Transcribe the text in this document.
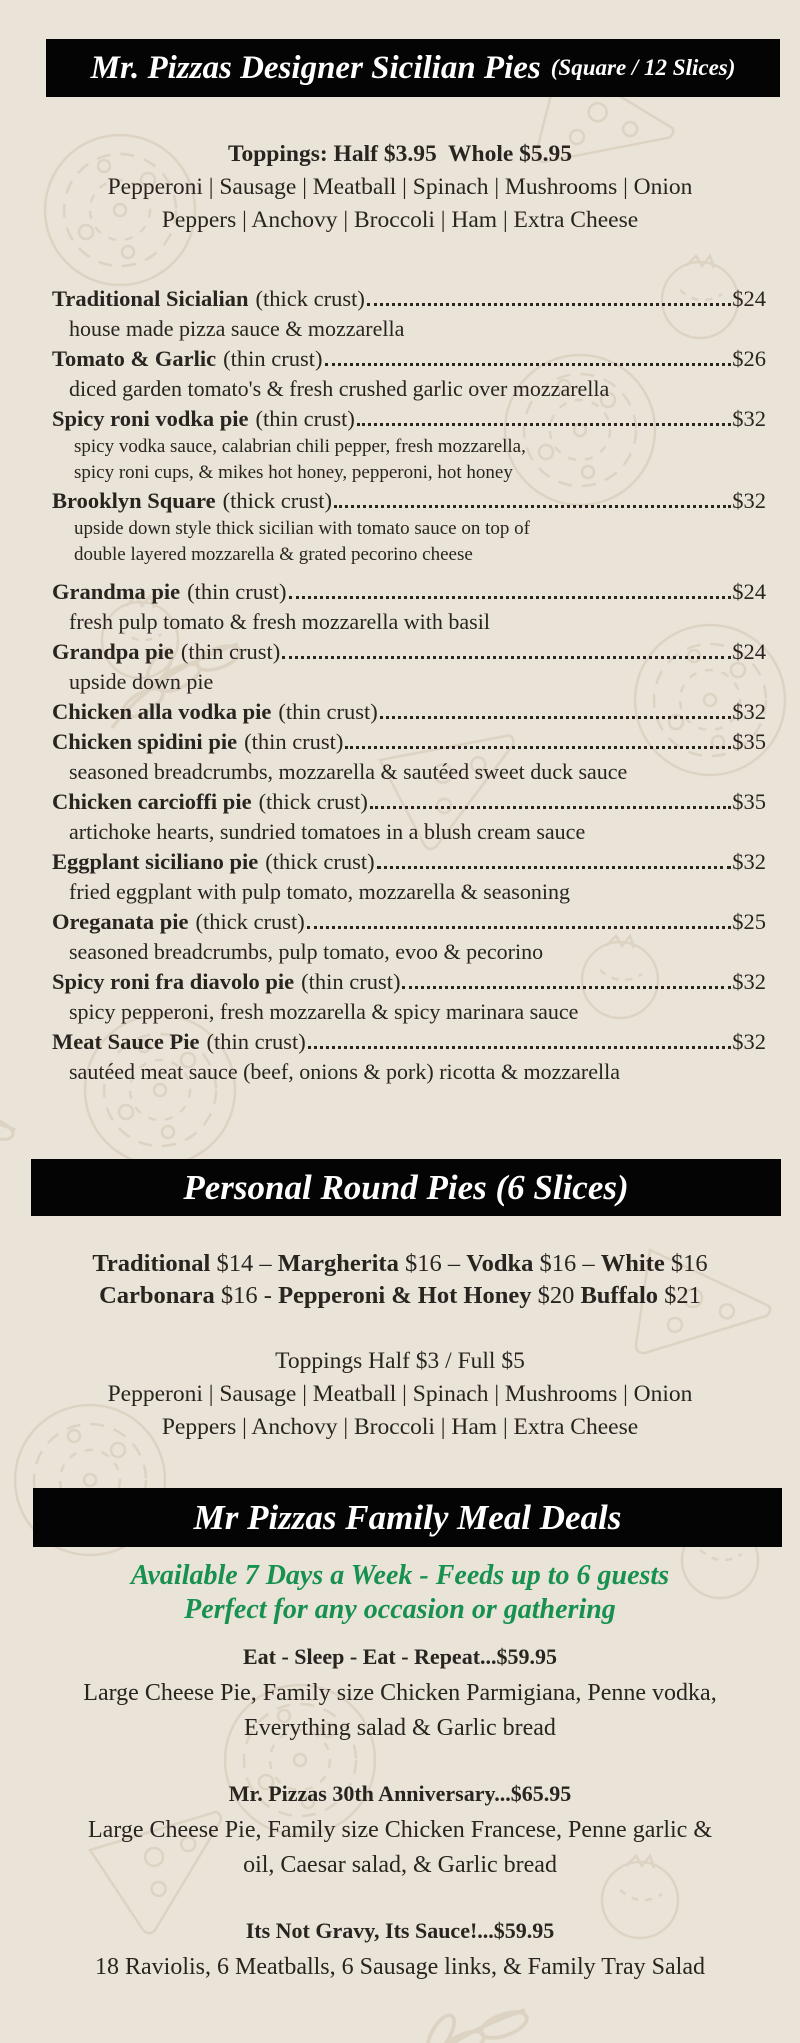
Mr. Pizzas Designer Sicilian Pies (Square / 12 Slices)
Toppings: Half $3.95  Whole $5.95
Pepperoni | Sausage | Meatball | Spinach | Mushrooms | Onion
Peppers | Anchovy | Broccoli | Ham | Extra Cheese
Traditional Sicialian (thick crust)	$24
house made pizza sauce & mozzarella
Tomato & Garlic (thin crust)	$26
diced garden tomato's & fresh crushed garlic over mozzarella
Spicy roni vodka pie (thin crust)	$32
spicy vodka sauce, calabrian chili pepper, fresh mozzarella,
spicy roni cups, & mikes hot honey, pepperoni, hot honey
Brooklyn Square (thick crust)	$32
upside down style thick sicilian with tomato sauce on top of
double layered mozzarella & grated pecorino cheese
Grandma pie (thin crust)	$24
fresh pulp tomato & fresh mozzarella with basil
Grandpa pie (thin crust)	$24
upside down pie
Chicken alla vodka pie (thin crust)	$32
Chicken spidini pie (thin crust)	$35
seasoned breadcrumbs, mozzarella & sautéed sweet duck sauce
Chicken carcioffi pie (thick crust)	$35
artichoke hearts, sundried tomatoes in a blush cream sauce
Eggplant siciliano pie (thick crust)	$32
fried eggplant with pulp tomato, mozzarella & seasoning
Oreganata pie (thick crust)	$25
seasoned breadcrumbs, pulp tomato, evoo & pecorino
Spicy roni fra diavolo pie (thin crust)	$32
spicy pepperoni, fresh mozzarella & spicy marinara sauce
Meat Sauce Pie (thin crust)	$32
sautéed meat sauce (beef, onions & pork) ricotta & mozzarella
Personal Round Pies (6 Slices)
Traditional $14 – Margherita $16 – Vodka $16 – White $16
Carbonara $16 - Pepperoni & Hot Honey $20 Buffalo $21
Toppings Half $3 / Full $5
Pepperoni | Sausage | Meatball | Spinach | Mushrooms | Onion
Peppers | Anchovy | Broccoli | Ham | Extra Cheese
Mr Pizzas Family Meal Deals
Available 7 Days a Week - Feeds up to 6 guests
Perfect for any occasion or gathering
Eat - Sleep - Eat - Repeat...$59.95
Large Cheese Pie, Family size Chicken Parmigiana, Penne vodka,
Everything salad & Garlic bread
Mr. Pizzas 30th Anniversary...$65.95
Large Cheese Pie, Family size Chicken Francese, Penne garlic &
oil, Caesar salad, & Garlic bread
Its Not Gravy, Its Sauce!...$59.95
18 Raviolis, 6 Meatballs, 6 Sausage links, & Family Tray Salad
